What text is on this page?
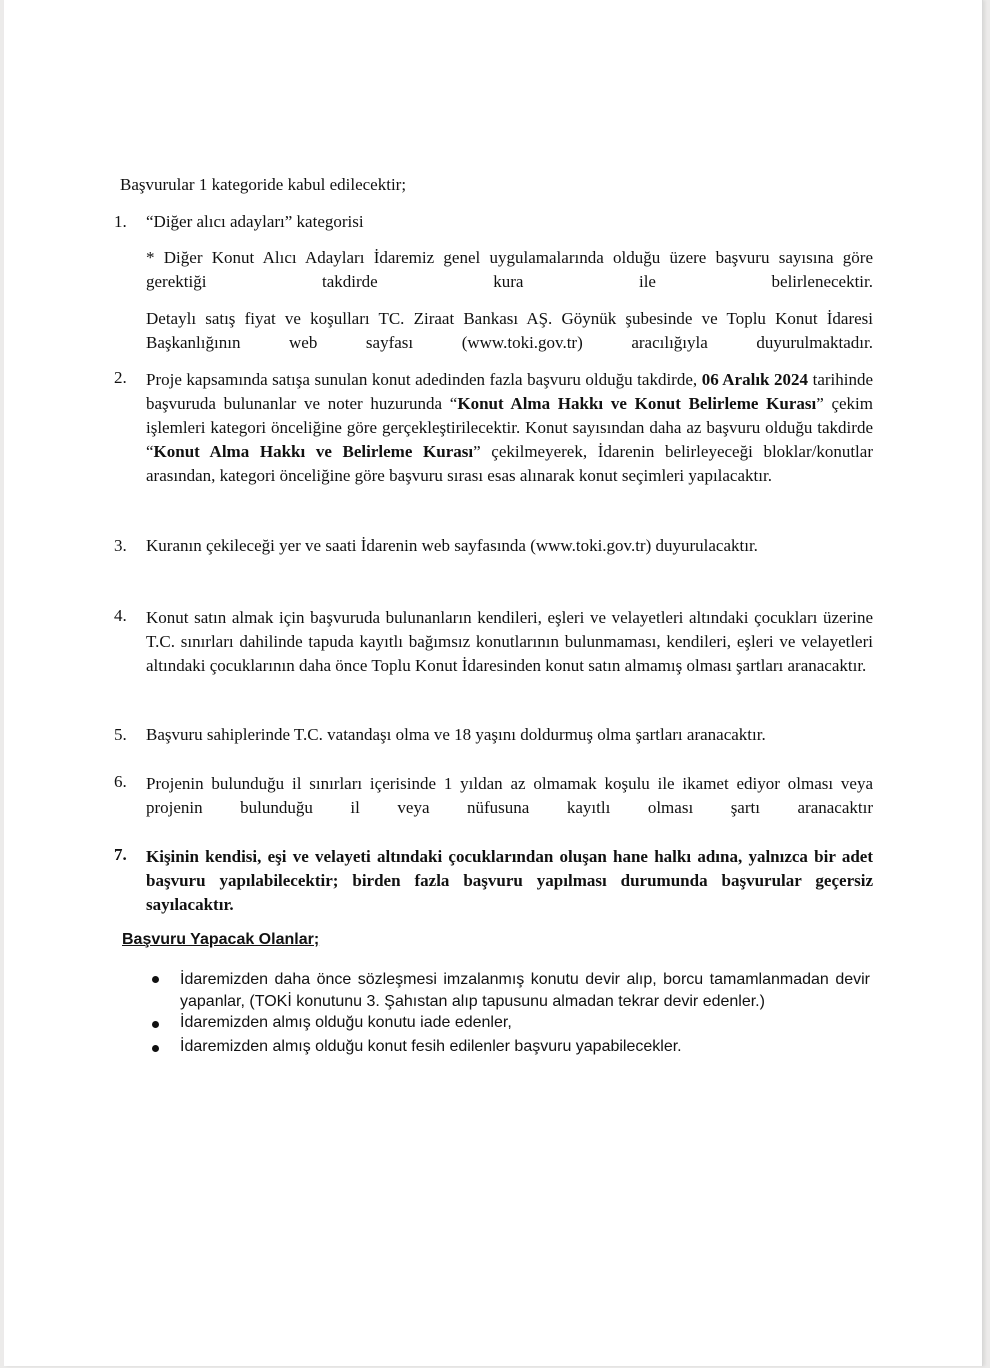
Başvurular 1 kategoride kabul edilecektir;
1. “Diğer alıcı adayları” kategorisi
* Diğer Konut Alıcı Adayları İdaremiz genel uygulamalarında olduğu üzere başvuru sayısına göre gerektiği takdirde kura ile belirlenecektir.
Detaylı satış fiyat ve koşulları TC. Ziraat Bankası AŞ. Göynük şubesinde ve Toplu Konut İdaresi Başkanlığının web sayfası (www.toki.gov.tr) aracılığıyla duyurulmaktadır.
2. Proje kapsamında satışa sunulan konut adedinden fazla başvuru olduğu takdirde, 06 Aralık 2024 tarihinde başvuruda bulunanlar ve noter huzurunda “Konut Alma Hakkı ve Konut Belirleme Kurası” çekim işlemleri kategori önceliğine göre gerçekleştirilecektir. Konut sayısından daha az başvuru olduğu takdirde “Konut Alma Hakkı ve Belirleme Kurası” çekilmeyerek, İdarenin belirleyeceği bloklar/konutlar arasından, kategori önceliğine göre başvuru sırası esas alınarak konut seçimleri yapılacaktır.
3. Kuranın çekileceği yer ve saati İdarenin web sayfasında (www.toki.gov.tr) duyurulacaktır.
4. Konut satın almak için başvuruda bulunanların kendileri, eşleri ve velayetleri altındaki çocukları üzerine T.C. sınırları dahilinde tapuda kayıtlı bağımsız konutlarının bulunmaması, kendileri, eşleri ve velayetleri altındaki çocuklarının daha önce Toplu Konut İdaresinden konut satın almamış olması şartları aranacaktır.
5. Başvuru sahiplerinde T.C. vatandaşı olma ve 18 yaşını doldurmuş olma şartları aranacaktır.
6. Projenin bulunduğu il sınırları içerisinde 1 yıldan az olmamak koşulu ile ikamet ediyor olması veya projenin bulunduğu il veya nüfusuna kayıtlı olması şartı aranacaktır
7. Kişinin kendisi, eşi ve velayeti altındaki çocuklarından oluşan hane halkı adına, yalnızca bir adet başvuru yapılabilecektir; birden fazla başvuru yapılması durumunda başvurular geçersiz sayılacaktır.
Başvuru Yapacak Olanlar;
İdaremizden daha önce sözleşmesi imzalanmış konutu devir alıp, borcu tamamlanmadan devir yapanlar, (TOKİ konutunu 3. Şahıstan alıp tapusunu almadan tekrar devir edenler.)
İdaremizden almış olduğu konutu iade edenler,
İdaremizden almış olduğu konut fesih edilenler başvuru yapabilecekler.
